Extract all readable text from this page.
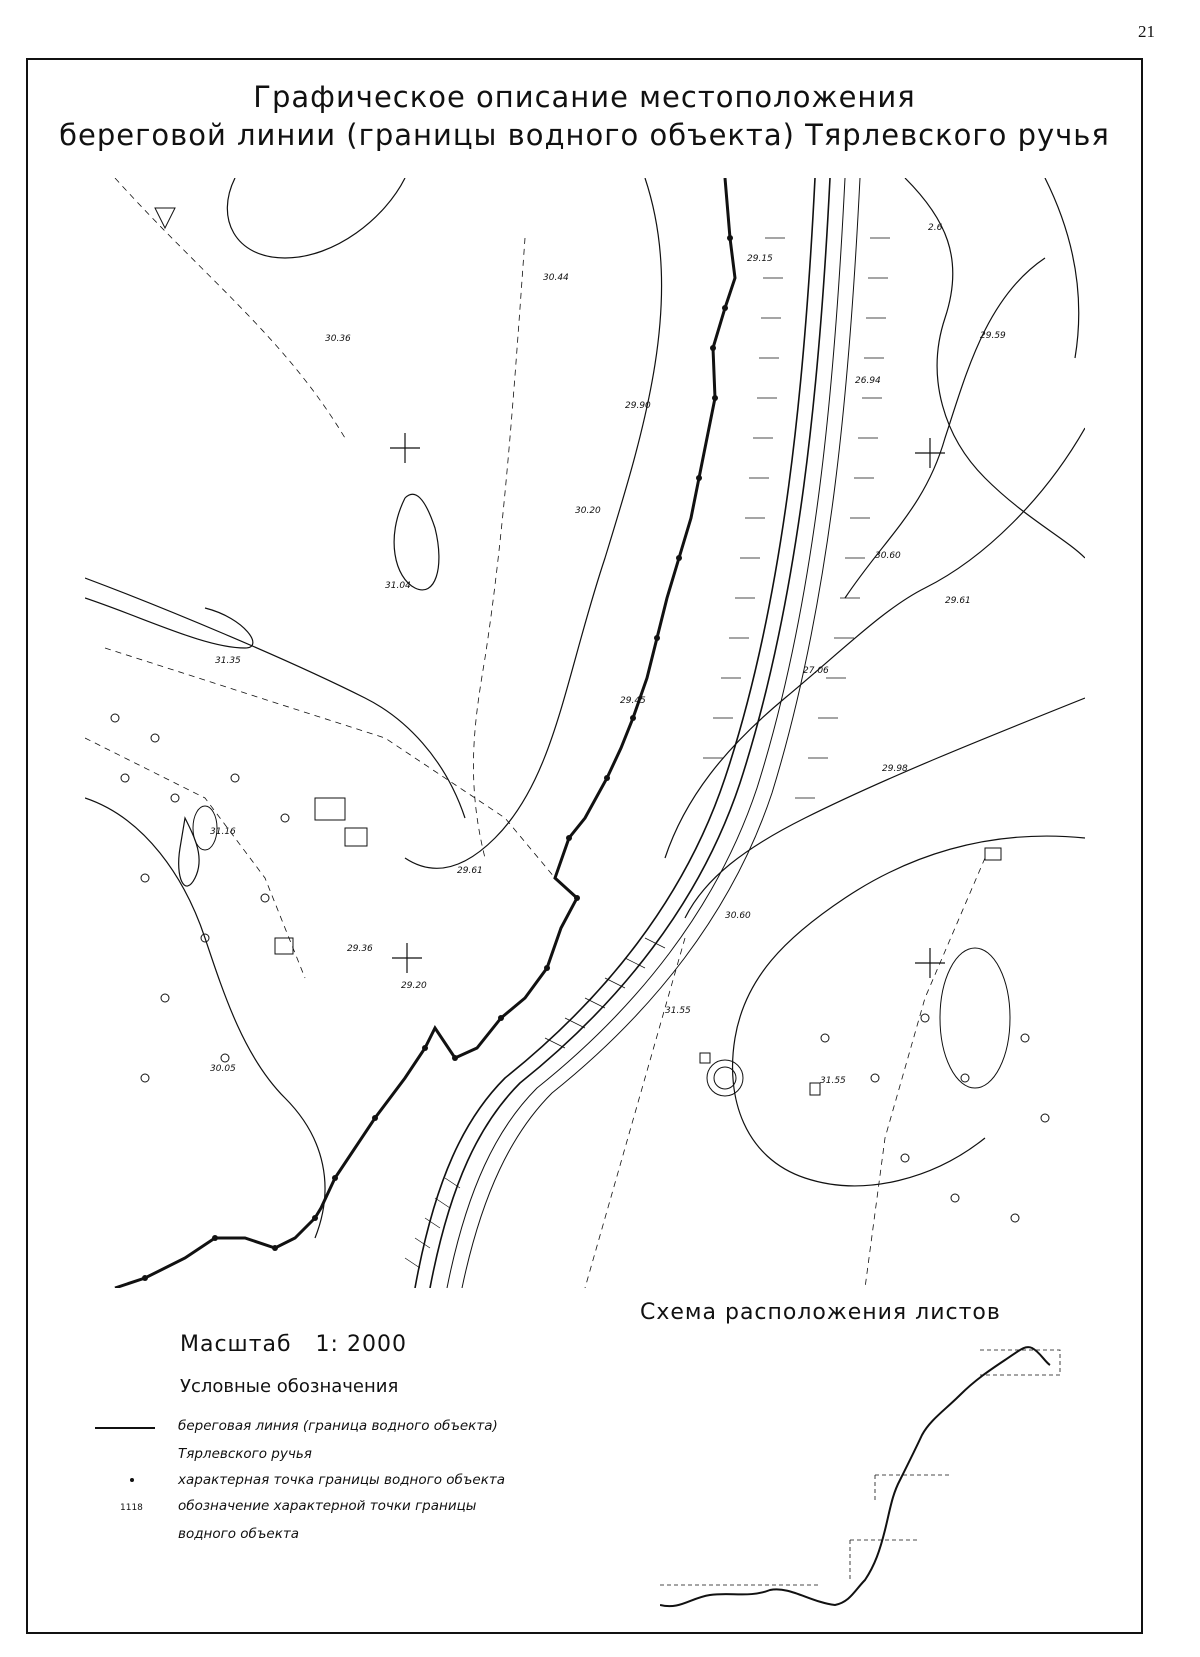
21
Графическое описание местоположения
береговой линии (границы водного объекта) Тярлевского ручья
30.44
30.36
29.15
29.59
26.94
29.90
30.20
31.04
30.60
29.61
31.35
27.06
29.45
29.98
31.16
29.61
30.60
29.36
29.20
30.05
31.55
31.55
2.6
Схема расположения листов
Масштаб 1: 2000
Условные обозначения
береговая линия (граница водного объекта)
Тярлевского ручья
характерная точка границы водного объекта
1118	обозначение характерной точки границы
водного объекта
